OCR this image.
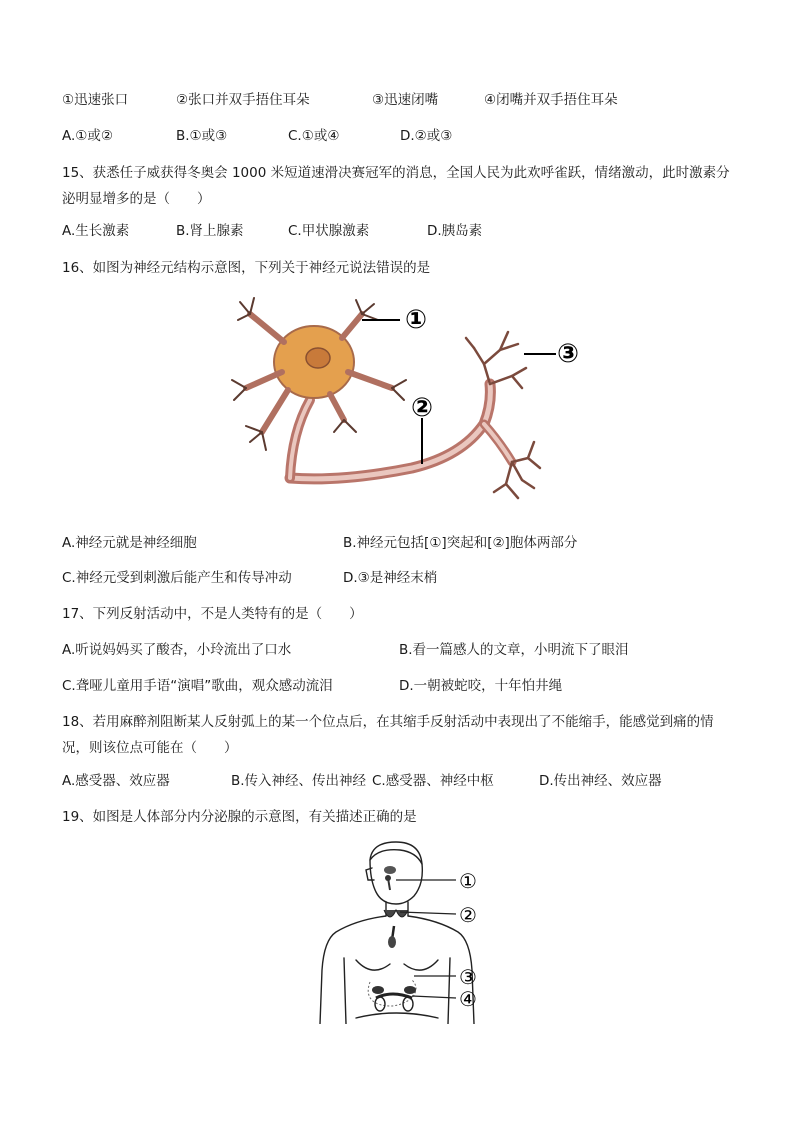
①迅速张口	②张口并双手捂住耳朵	③迅速闭嘴	④闭嘴并双手捂住耳朵
A.①或②	B.①或③	C.①或④	D.②或③
15、获悉任子威获得冬奥会 1000 米短道速滑决赛冠军的消息，全国人民为此欢呼雀跃，情绪激动，此时激素分泌明显增多的是（　　）
A.生长激素	B.肾上腺素	C.甲状腺激素	D.胰岛素
16、如图为神经元结构示意图，下列关于神经元说法错误的是
①
③
②
A.神经元就是神经细胞	B.神经元包括[①]突起和[②]胞体两部分
C.神经元受到刺激后能产生和传导冲动	D.③是神经末梢
17、下列反射活动中，不是人类特有的是（　　）
A.听说妈妈买了酸杏，小玲流出了口水	B.看一篇感人的文章，小明流下了眼泪
C.聋哑儿童用手语“演唱”歌曲，观众感动流泪	D.一朝被蛇咬，十年怕井绳
18、若用麻醉剂阻断某人反射弧上的某一个位点后，在其缩手反射活动中表现出了不能缩手，能感觉到痛的情况，则该位点可能在（　　）
A.感受器、效应器	B.传入神经、传出神经 C.感受器、神经中枢	D.传出神经、效应器
19、如图是人体部分内分泌腺的示意图，有关描述正确的是
①
②
③
④
